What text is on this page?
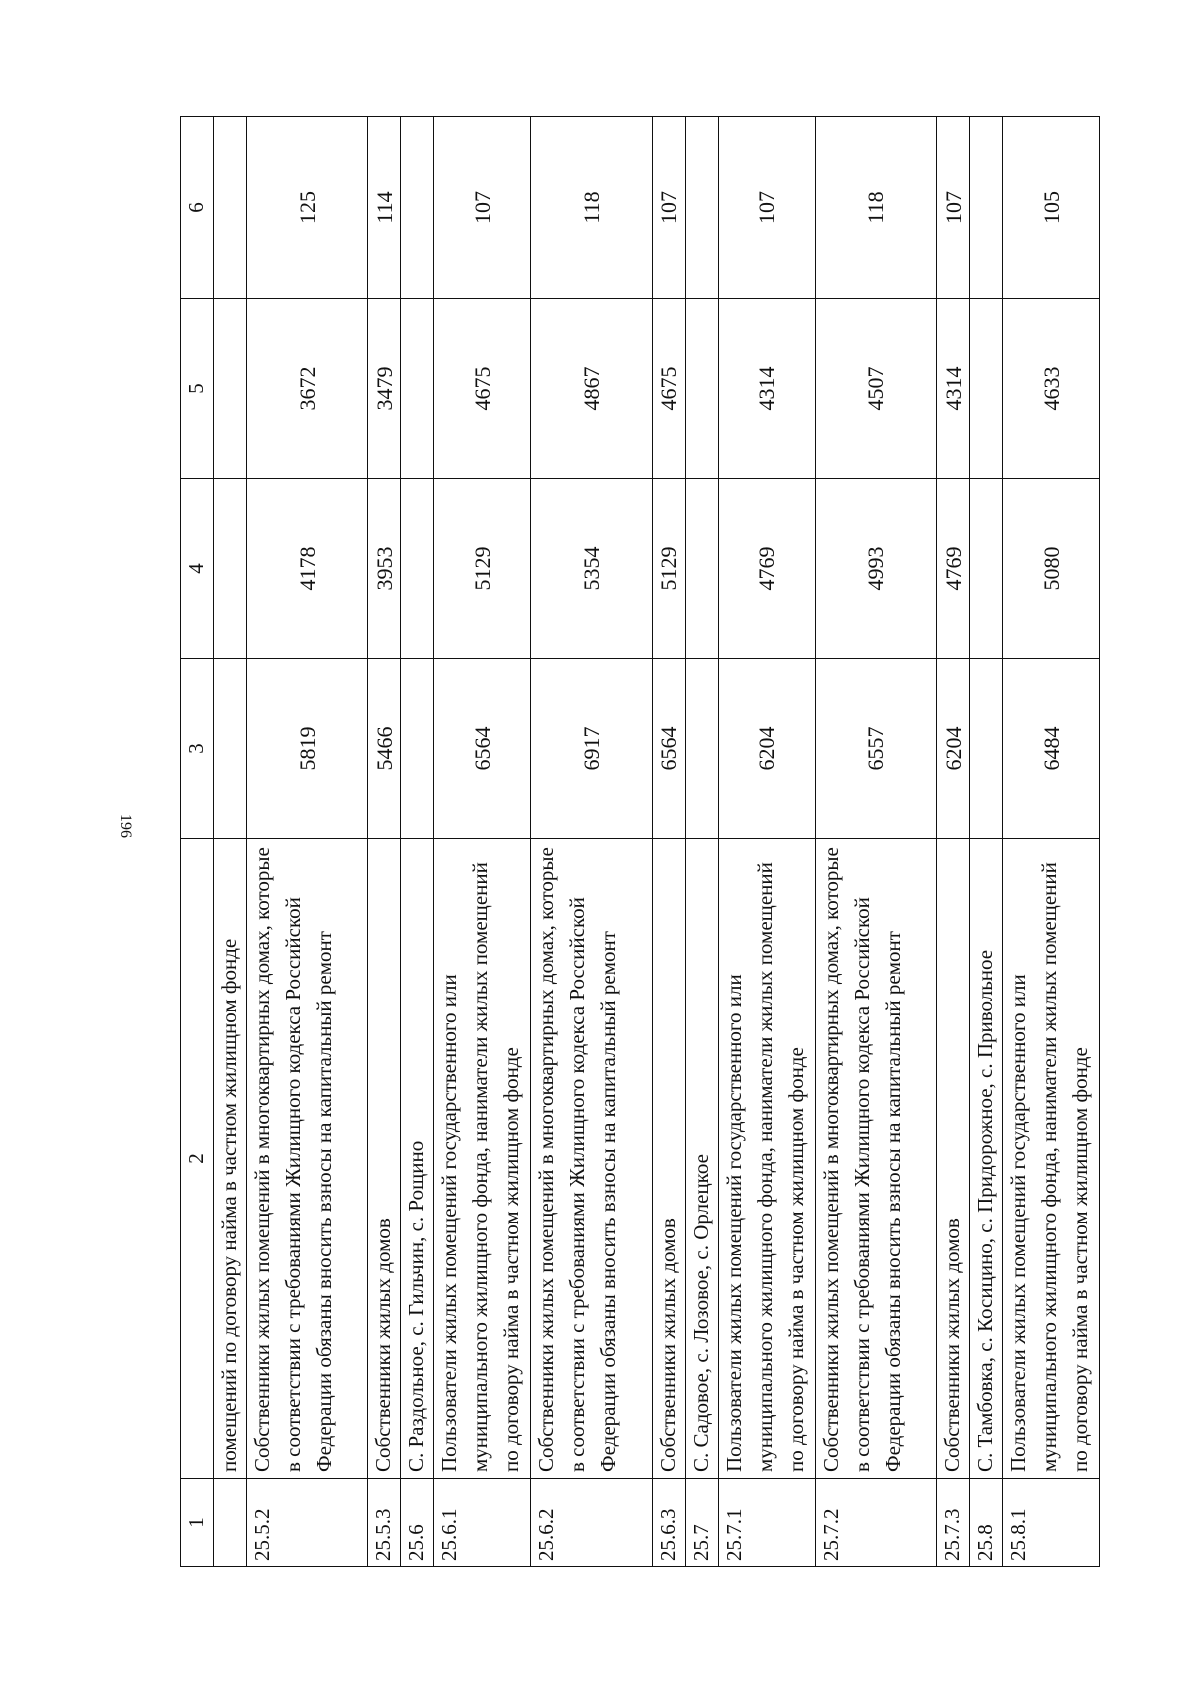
196
1	2	3	4	5	6
	помещений по договору найма в частном жилищном фонде				
25.5.2	Собственники жилых помещений в многоквартирных домах, которые в соответствии с требованиями Жилищного кодекса Российской Федерации обязаны вносить взносы на капитальный ремонт	5819	4178	3672	125
25.5.3	Собственники жилых домов	5466	3953	3479	114
25.6	С. Раздольное, с. Гильчин, с. Рощино				
25.6.1	Пользователи жилых помещений государственного или муниципального жилищного фонда, наниматели жилых помещений по договору найма в частном жилищном фонде	6564	5129	4675	107
25.6.2	Собственники жилых помещений в многоквартирных домах, которые в соответствии с требованиями Жилищного кодекса Российской Федерации обязаны вносить взносы на капитальный ремонт	6917	5354	4867	118
25.6.3	Собственники жилых домов	6564	5129	4675	107
25.7	С. Садовое, с. Лозовое, с. Орлецкое				
25.7.1	Пользователи жилых помещений государственного или муниципального жилищного фонда, наниматели жилых помещений по договору найма в частном жилищном фонде	6204	4769	4314	107
25.7.2	Собственники жилых помещений в многоквартирных домах, которые в соответствии с требованиями Жилищного кодекса Российской Федерации обязаны вносить взносы на капитальный ремонт	6557	4993	4507	118
25.7.3	Собственники жилых домов	6204	4769	4314	107
25.8	С. Тамбовка, с. Косицино, с. Придорожное, с. Привольное				
25.8.1	Пользователи жилых помещений государственного или муниципального жилищного фонда, наниматели жилых помещений по договору найма в частном жилищном фонде	6484	5080	4633	105
